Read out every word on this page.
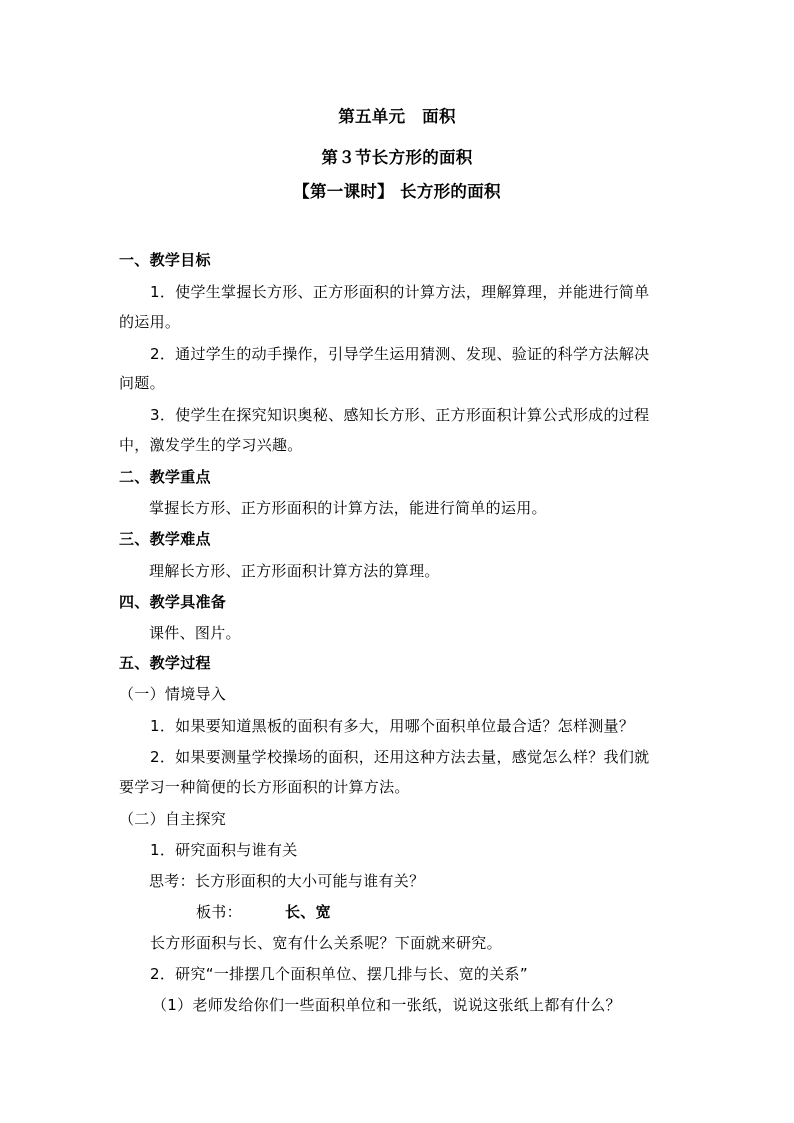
第五单元　面积
第３节长方形的面积
【第一课时】 长方形的面积
一、教学目标
1．使学生掌握长方形、正方形面积的计算方法，理解算理，并能进行简单
的运用。
2．通过学生的动手操作，引导学生运用猜测、发现、验证的科学方法解决
问题。
3．使学生在探究知识奥秘、感知长方形、正方形面积计算公式形成的过程
中，激发学生的学习兴趣。
二、教学重点
掌握长方形、正方形面积的计算方法，能进行简单的运用。
三、教学难点
理解长方形、正方形面积计算方法的算理。
四、教学具准备
课件、图片。
五、教学过程
（一）情境导入
1．如果要知道黑板的面积有多大，用哪个面积单位最合适？怎样测量？
2．如果要测量学校操场的面积，还用这种方法去量，感觉怎么样？我们就
要学习一种简便的长方形面积的计算方法。
（二）自主探究
1．研究面积与谁有关
思考：长方形面积的大小可能与谁有关？
板书：	长、宽
长方形面积与长、宽有什么关系呢？下面就来研究。
2．研究“一排摆几个面积单位、摆几排与长、宽的关系”
（1）老师发给你们一些面积单位和一张纸，说说这张纸上都有什么？
